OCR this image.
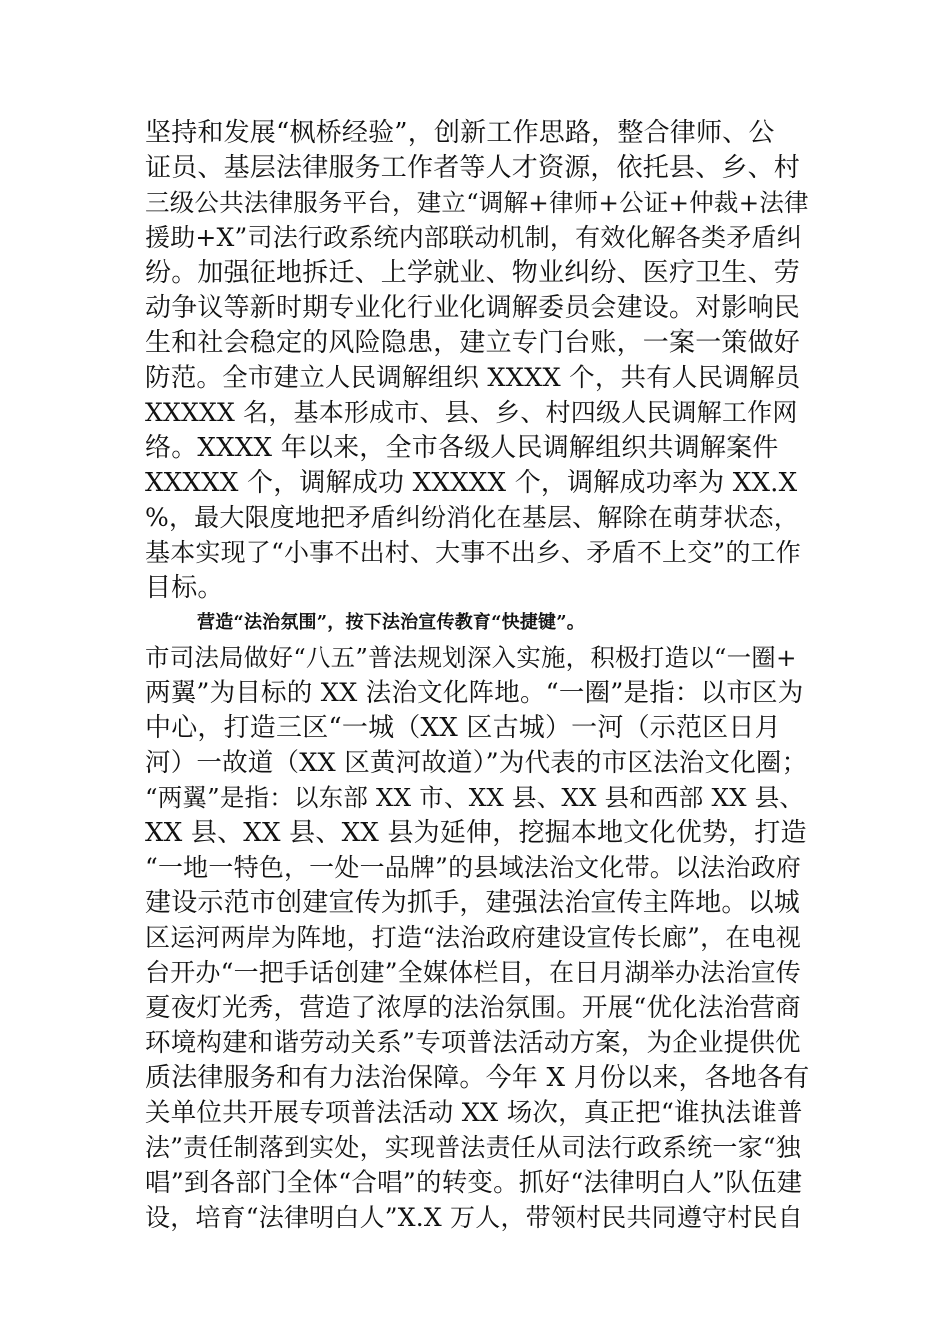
坚持和发展“枫桥经验”，创新工作思路，整合律师、公
证员、基层法律服务工作者等人才资源，依托县、乡、村
三级公共法律服务平台，建立“调解+律师+公证+仲裁+法律
援助+X”司法行政系统内部联动机制，有效化解各类矛盾纠
纷。加强征地拆迁、上学就业、物业纠纷、医疗卫生、劳
动争议等新时期专业化行业化调解委员会建设。对影响民
生和社会稳定的风险隐患，建立专门台账，一案一策做好
防范。全市建立人民调解组织 XXXX 个，共有人民调解员
XXXXX 名，基本形成市、县、乡、村四级人民调解工作网
络。XXXX 年以来，全市各级人民调解组织共调解案件
XXXXX 个，调解成功 XXXXX 个，调解成功率为 XX.X
%，最大限度地把矛盾纠纷消化在基层、解除在萌芽状态，
基本实现了“小事不出村、大事不出乡、矛盾不上交”的工作
目标。
营造“法治氛围”，按下法治宣传教育“快捷键”。
市司法局做好“八五”普法规划深入实施，积极打造以“一圈+
两翼”为目标的 XX 法治文化阵地。“一圈”是指：以市区为
中心，打造三区“一城（XX 区古城）一河（示范区日月
河）一故道（XX 区黄河故道）”为代表的市区法治文化圈；
“两翼”是指：以东部 XX 市、XX 县、XX 县和西部 XX 县、
XX 县、XX 县、XX 县为延伸，挖掘本地文化优势，打造
“一地一特色，一处一品牌”的县域法治文化带。以法治政府
建设示范市创建宣传为抓手，建强法治宣传主阵地。以城
区运河两岸为阵地，打造“法治政府建设宣传长廊”，在电视
台开办“一把手话创建”全媒体栏目，在日月湖举办法治宣传
夏夜灯光秀，营造了浓厚的法治氛围。开展“优化法治营商
环境构建和谐劳动关系”专项普法活动方案，为企业提供优
质法律服务和有力法治保障。今年 X 月份以来，各地各有
关单位共开展专项普法活动 XX 场次，真正把“谁执法谁普
法”责任制落到实处，实现普法责任从司法行政系统一家“独
唱”到各部门全体“合唱”的转变。抓好“法律明白人”队伍建
设，培育“法律明白人”X.X 万人，带领村民共同遵守村民自
